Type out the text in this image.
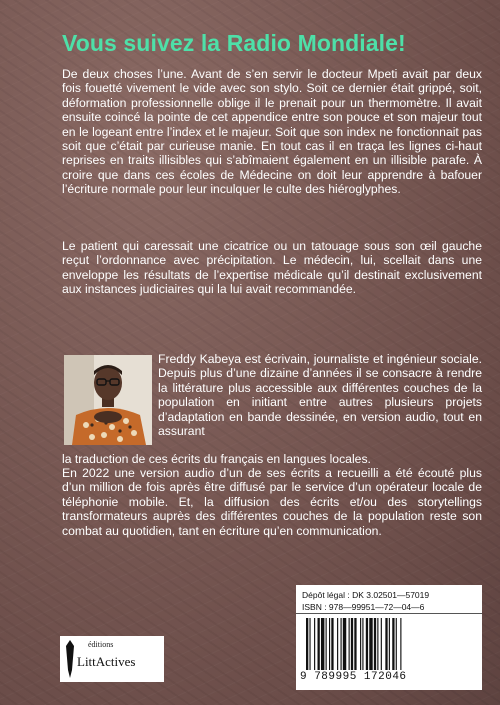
Vous suivez la Radio Mondiale!
De deux choses l’une. Avant de s’en servir le docteur Mpeti avait par deux fois fouetté vivement le vide avec son stylo. Soit ce dernier était grippé, soit, déformation professionnelle oblige il le prenait pour un thermomètre. Il avait ensuite coincé la pointe de cet appendice entre son pouce et son majeur tout en le logeant entre l’index et le majeur. Soit que son index ne fonctionnait pas soit que c’était par curieuse manie. En tout cas il en traça les lignes ci-haut reprises en traits illisibles qui s’abîmaient également en un illisible parafe. À croire que dans ces écoles de Médecine on doit leur apprendre à bafouer l’écriture normale pour leur inculquer le culte des hiéroglyphes.
Le patient qui caressait une cicatrice ou un tatouage sous son œil gauche reçut l’ordonnance avec précipitation. Le médecin, lui, scellait dans une enveloppe les résultats de l’expertise médicale qu’il destinait exclusivement aux instances judiciaires qui la lui avait recommandée.
Freddy Kabeya est écrivain, journaliste et ingénieur sociale. Depuis plus d’une dizaine d’années il se consacre à rendre la littérature plus accessible aux différentes couches de la population en initiant entre autres plusieurs projets d’adaptation en bande dessinée, en version audio, tout en assurant
la traduction de ces écrits du français en langues locales.
En 2022 une version audio d’un de ses écrits a recueilli a été écouté plus d’un million de fois après être diffusé par le service d’un opérateur locale de téléphonie mobile. Et, la diffusion des écrits et/ou des storytellings transformateurs auprès des différentes couches de la population reste son combat au quotidien, tant en écriture qu’en communication.
éditions
LittActives
Dépôt légal : DK 3.02501—57019
ISBN : 978—99951—72—04—6
9 789995 172046
